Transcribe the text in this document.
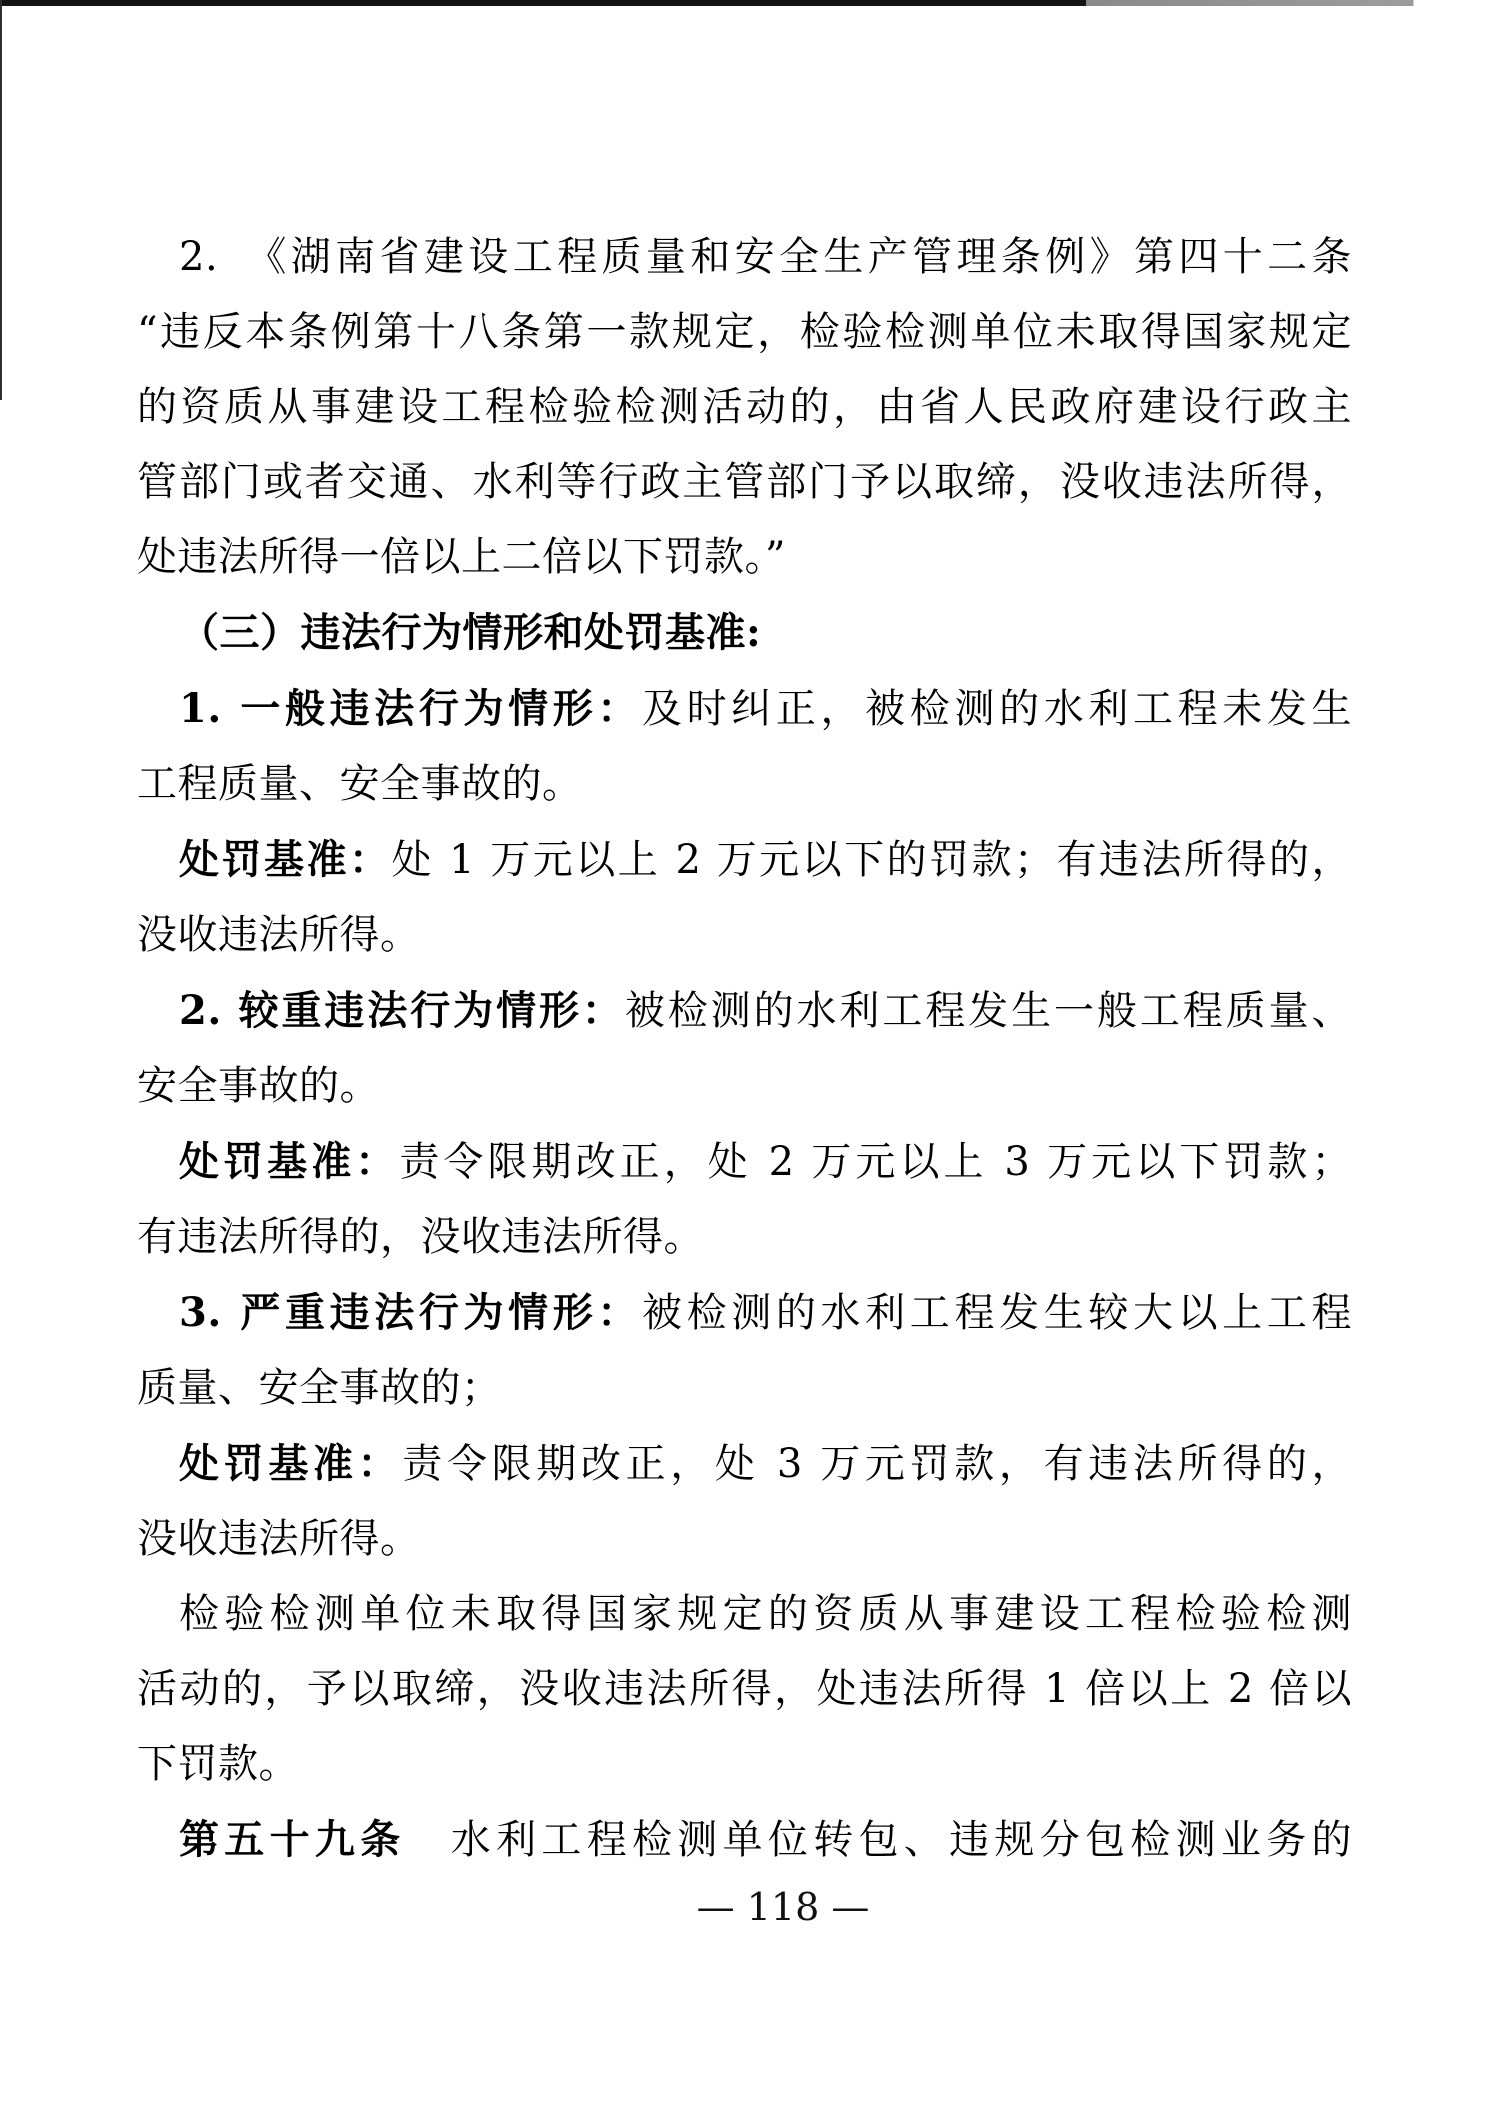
2.　《湖南省建设工程质量和安全生产管理条例》第四十二条
“违反本条例第十八条第一款规定，检验检测单位未取得国家规定
的资质从事建设工程检验检测活动的，由省人民政府建设行政主
管部门或者交通、水利等行政主管部门予以取缔，没收违法所得，
处违法所得一倍以上二倍以下罚款。”
（三）违法行为情形和处罚基准:
1. 一般违法行为情形：及时纠正，被检测的水利工程未发生
工程质量、安全事故的。
处罚基准：处 1 万元以上 2 万元以下的罚款；有违法所得的，
没收违法所得。
2. 较重违法行为情形：被检测的水利工程发生一般工程质量、
安全事故的。
处罚基准：责令限期改正，处 2 万元以上 3 万元以下罚款；
有违法所得的，没收违法所得。
3. 严重违法行为情形：被检测的水利工程发生较大以上工程
质量、安全事故的；
处罚基准：责令限期改正，处 3 万元罚款，有违法所得的，
没收违法所得。
检验检测单位未取得国家规定的资质从事建设工程检验检测
活动的，予以取缔，没收违法所得，处违法所得 1 倍以上 2 倍以
下罚款。
第五十九条　水利工程检测单位转包、违规分包检测业务的
— 118 —
